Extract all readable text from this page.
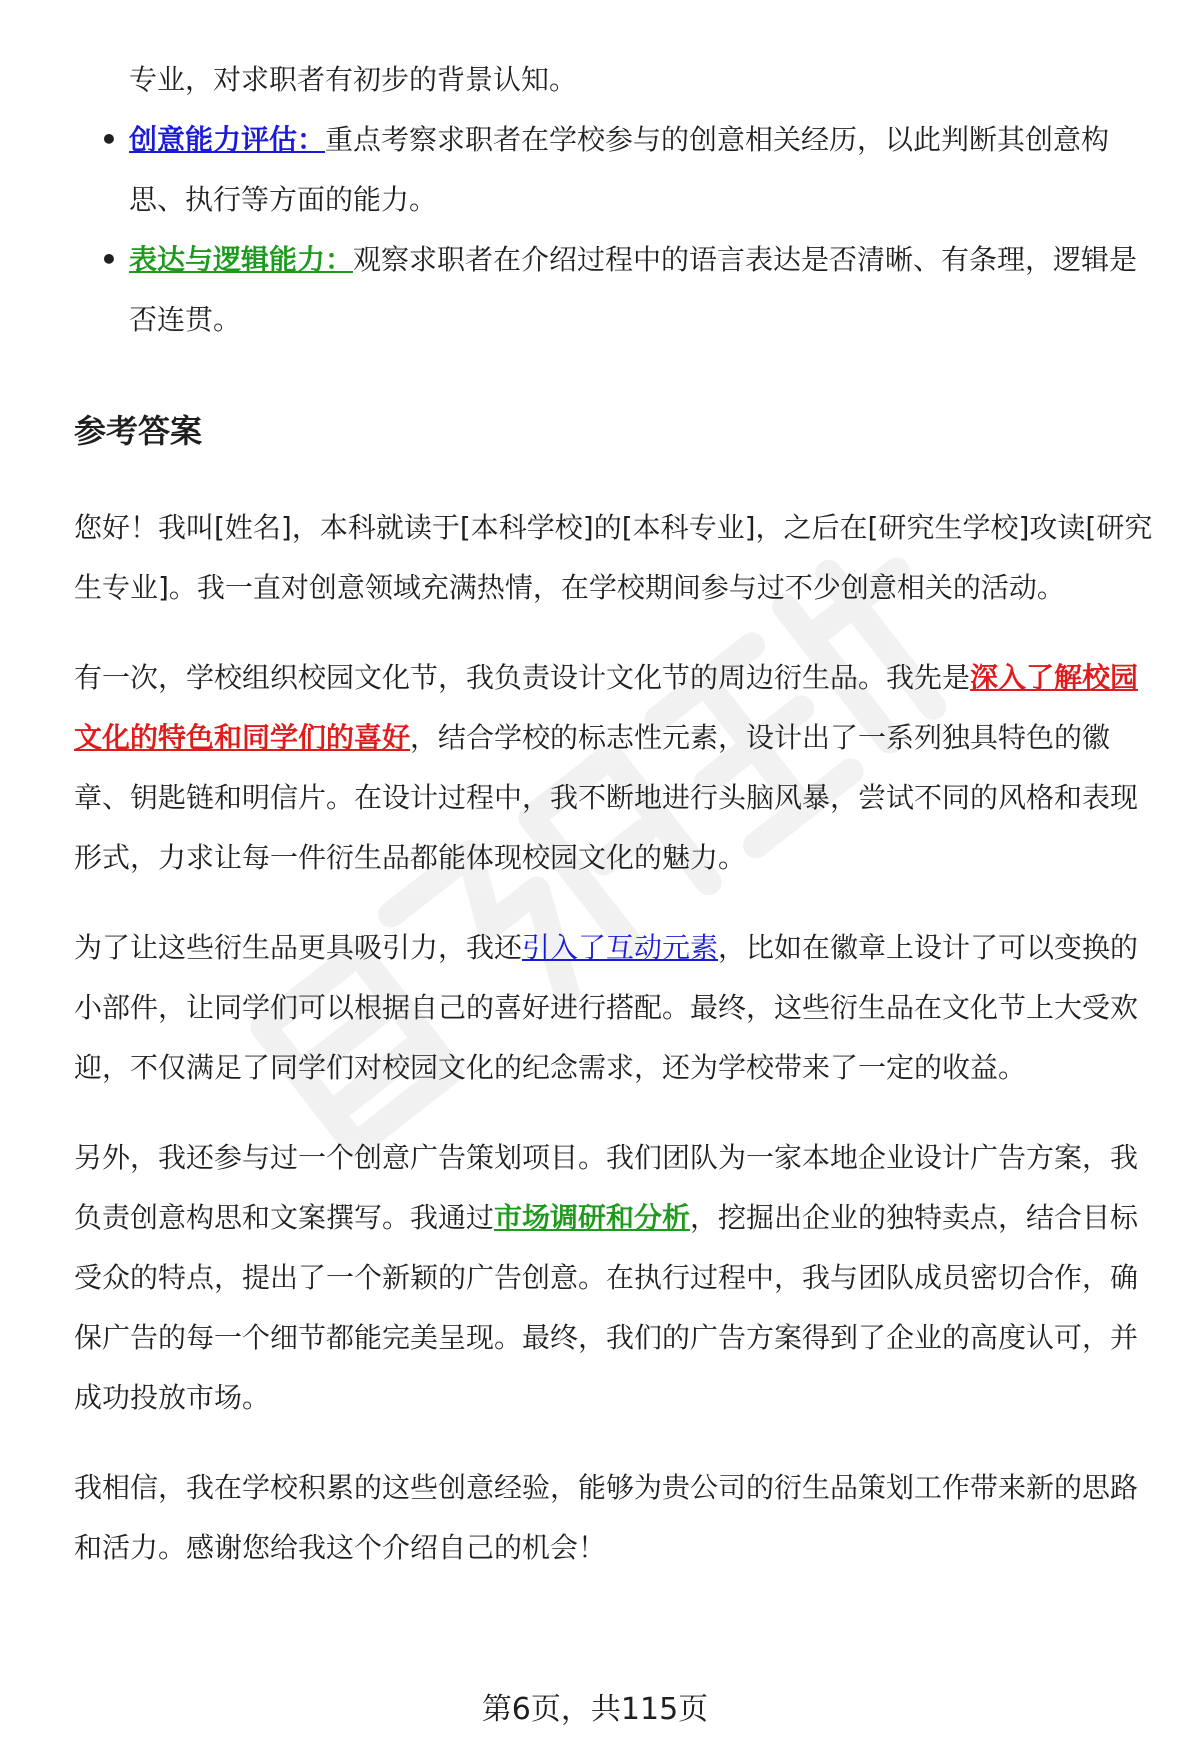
专业，对求职者有初步的背景认知。
• 创意能力评估：重点考察求职者在学校参与的创意相关经历，以此判断其创意构思、执行等方面的能力。
• 表达与逻辑能力：观察求职者在介绍过程中的语言表达是否清晰、有条理，逻辑是否连贯。
参考答案

您好！我叫[姓名]，本科就读于[本科学校]的[本科专业]，之后在[研究生学校]攻读[研究生专业]。我一直对创意领域充满热情，在学校期间参与过不少创意相关的活动。

有一次，学校组织校园文化节，我负责设计文化节的周边衍生品。我先是深入了解校园文化的特色和同学们的喜好，结合学校的标志性元素，设计出了一系列独具特色的徽章、钥匙链和明信片。在设计过程中，我不断地进行头脑风暴，尝试不同的风格和表现形式，力求让每一件衍生品都能体现校园文化的魅力。

为了让这些衍生品更具吸引力，我还引入了互动元素，比如在徽章上设计了可以变换的小部件，让同学们可以根据自己的喜好进行搭配。最终，这些衍生品在文化节上大受欢迎，不仅满足了同学们对校园文化的纪念需求，还为学校带来了一定的收益。

另外，我还参与过一个创意广告策划项目。我们团队为一家本地企业设计广告方案，我负责创意构思和文案撰写。我通过市场调研和分析，挖掘出企业的独特卖点，结合目标受众的特点，提出了一个新颖的广告创意。在执行过程中，我与团队成员密切合作，确保广告的每一个细节都能完美呈现。最终，我们的广告方案得到了企业的高度认可，并成功投放市场。

我相信，我在学校积累的这些创意经验，能够为贵公司的衍生品策划工作带来新的思路和活力。感谢您给我这个介绍自己的机会！

第6页，共115页
